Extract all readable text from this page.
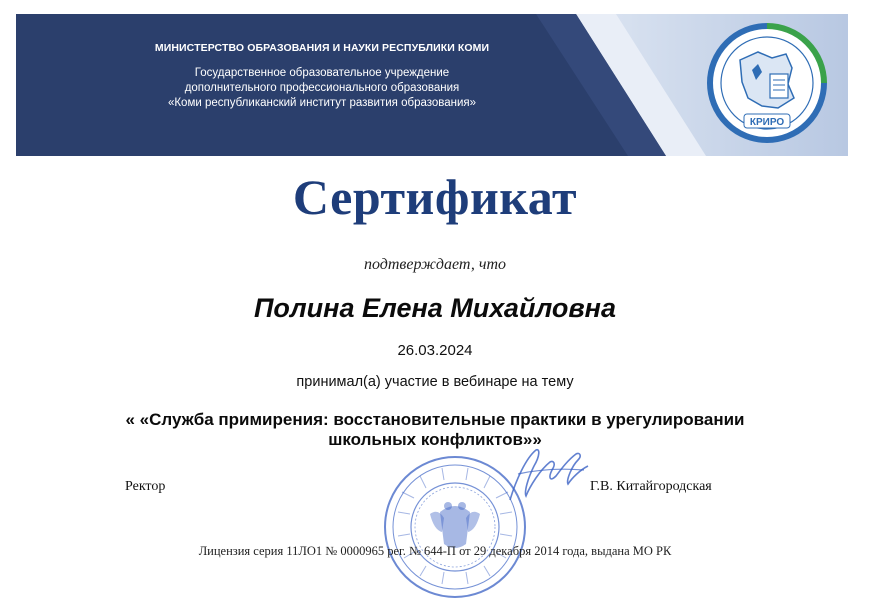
МИНИСТЕРСТВО ОБРАЗОВАНИЯ И НАУКИ РЕСПУБЛИКИ КОМИ
Государственное образовательное учреждение
дополнительного профессионального образования
«Коми республиканский институт развития образования»
КРИРО
Сертификат
подтверждает, что
Полина Елена Михайловна
26.03.2024
принимал(а) участие в вебинаре на тему
« «Служба примирения: восстановительные практики в урегулировании
школьных конфликтов»»
Ректор	Г.В. Китайгородская
Лицензия серия 11ЛО1 № 0000965 рег. № 644-П от 29 декабря 2014 года, выдана МО РК
